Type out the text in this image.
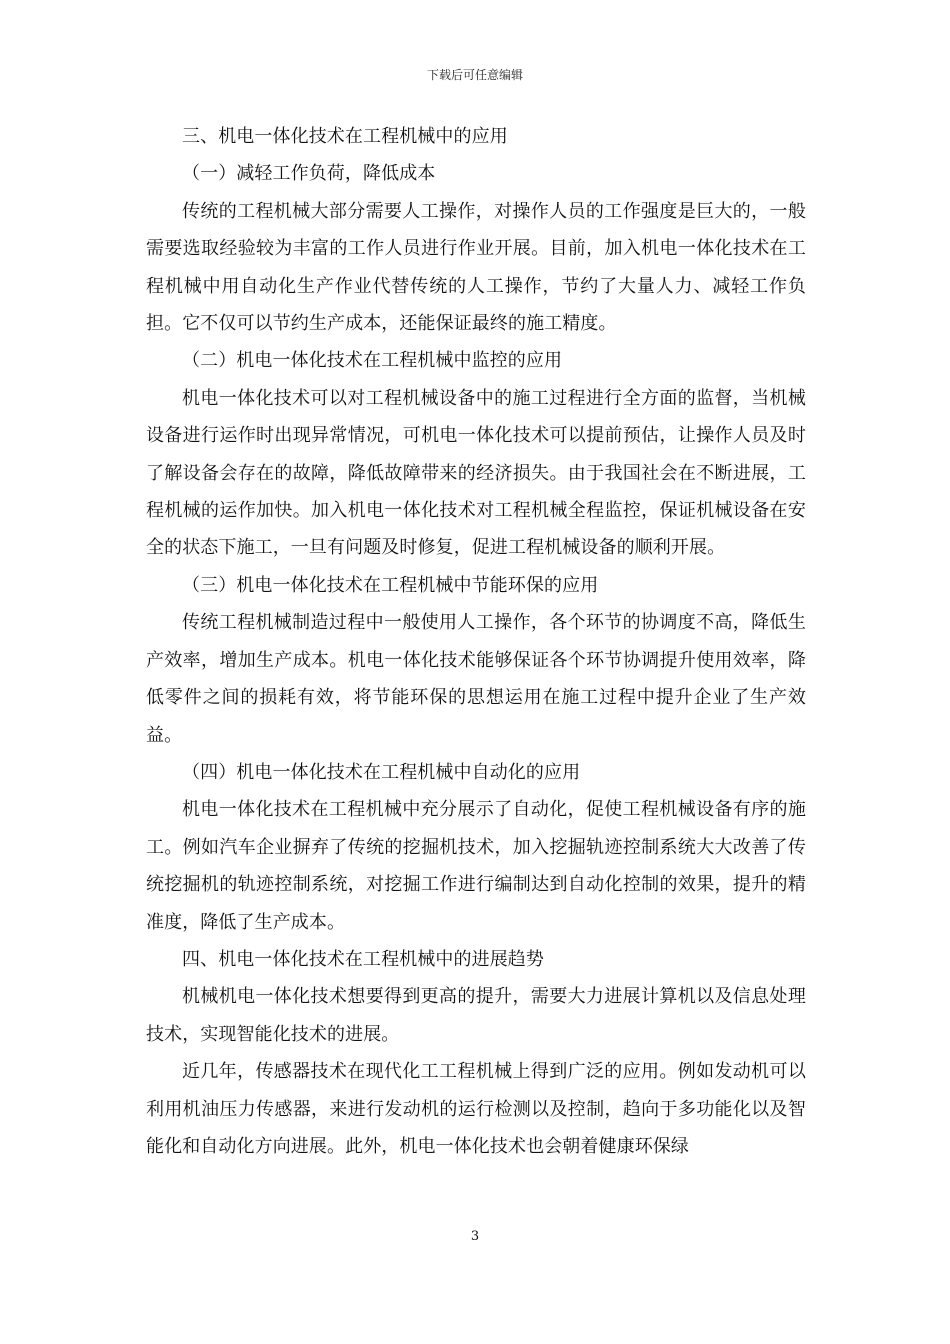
下载后可任意编辑

三、机电一体化技术在工程机械中的应用

（一）减轻工作负荷，降低成本

传统的工程机械大部分需要人工操作，对操作人员的工作强度是巨大的，一般需要选取经验较为丰富的工作人员进行作业开展。目前，加入机电一体化技术在工程机械中用自动化生产作业代替传统的人工操作，节约了大量人力、减轻工作负担。它不仅可以节约生产成本，还能保证最终的施工精度。

（二）机电一体化技术在工程机械中监控的应用

机电一体化技术可以对工程机械设备中的施工过程进行全方面的监督，当机械设备进行运作时出现异常情况，可机电一体化技术可以提前预估，让操作人员及时了解设备会存在的故障，降低故障带来的经济损失。由于我国社会在不断进展，工程机械的运作加快。加入机电一体化技术对工程机械全程监控，保证机械设备在安全的状态下施工，一旦有问题及时修复，促进工程机械设备的顺利开展。

（三）机电一体化技术在工程机械中节能环保的应用

传统工程机械制造过程中一般使用人工操作，各个环节的协调度不高，降低生产效率，增加生产成本。机电一体化技术能够保证各个环节协调提升使用效率，降低零件之间的损耗有效，将节能环保的思想运用在施工过程中提升企业了生产效益。

（四）机电一体化技术在工程机械中自动化的应用

机电一体化技术在工程机械中充分展示了自动化，促使工程机械设备有序的施工。例如汽车企业摒弃了传统的挖掘机技术，加入挖掘轨迹控制系统大大改善了传统挖掘机的轨迹控制系统，对挖掘工作进行编制达到自动化控制的效果，提升的精准度，降低了生产成本。

四、机电一体化技术在工程机械中的进展趋势

机械机电一体化技术想要得到更高的提升，需要大力进展计算机以及信息处理技术，实现智能化技术的进展。

近几年，传感器技术在现代化工工程机械上得到广泛的应用。例如发动机可以利用机油压力传感器，来进行发动机的运行检测以及控制，趋向于多功能化以及智能化和自动化方向进展。此外，机电一体化技术也会朝着健康环保绿

3
